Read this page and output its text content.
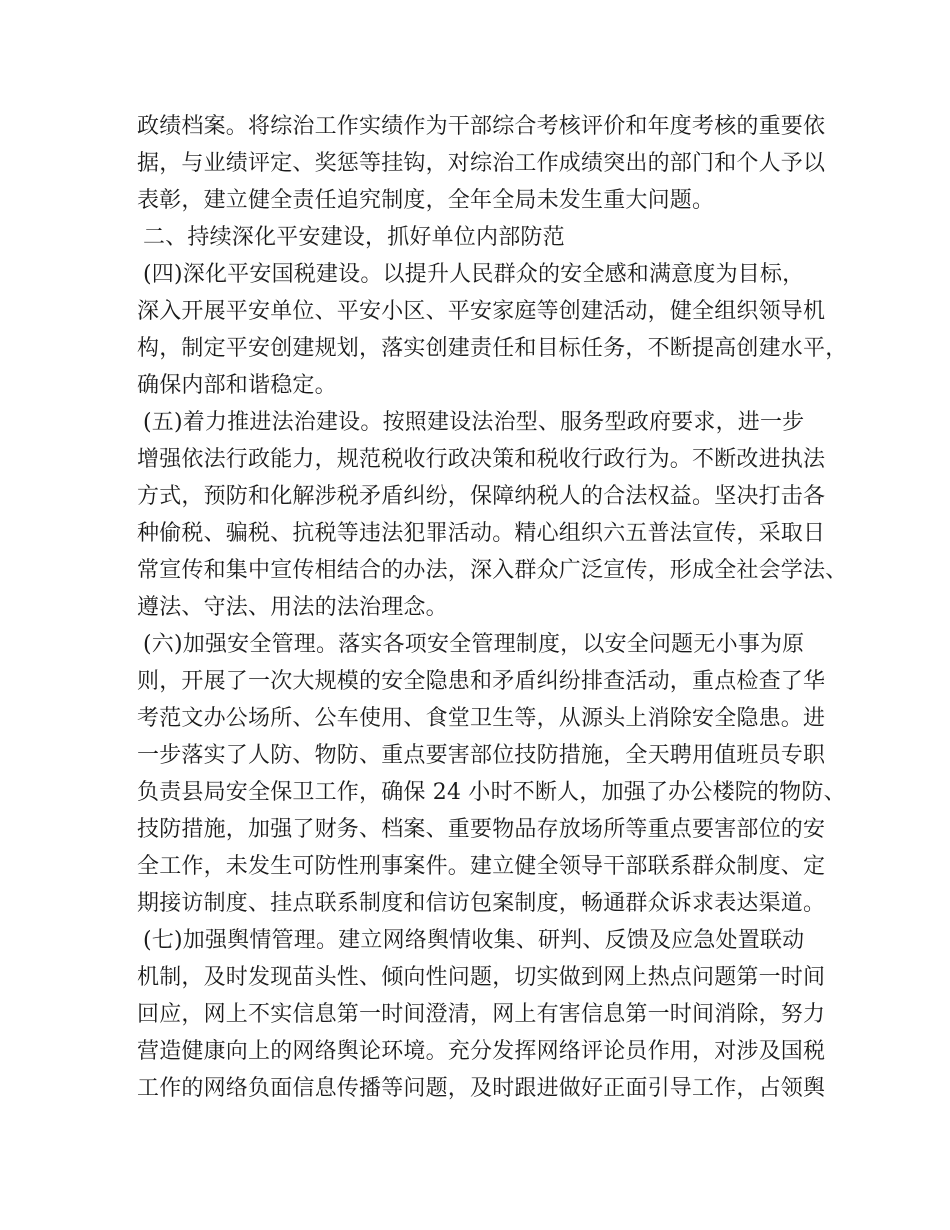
政绩档案。将综治工作实绩作为干部综合考核评价和年度考核的重要依
据，与业绩评定、奖惩等挂钩，对综治工作成绩突出的部门和个人予以
表彰，建立健全责任追究制度，全年全局未发生重大问题。
二、持续深化平安建设，抓好单位内部防范
(四)深化平安国税建设。以提升人民群众的安全感和满意度为目标，
深入开展平安单位、平安小区、平安家庭等创建活动，健全组织领导机
构，制定平安创建规划，落实创建责任和目标任务，不断提高创建水平，
确保内部和谐稳定。
(五)着力推进法治建设。按照建设法治型、服务型政府要求，进一步
增强依法行政能力，规范税收行政决策和税收行政行为。不断改进执法
方式，预防和化解涉税矛盾纠纷，保障纳税人的合法权益。坚决打击各
种偷税、骗税、抗税等违法犯罪活动。精心组织六五普法宣传，采取日
常宣传和集中宣传相结合的办法，深入群众广泛宣传，形成全社会学法、
遵法、守法、用法的法治理念。
(六)加强安全管理。落实各项安全管理制度，以安全问题无小事为原
则，开展了一次大规模的安全隐患和矛盾纠纷排查活动，重点检查了华
考范文办公场所、公车使用、食堂卫生等，从源头上消除安全隐患。进
一步落实了人防、物防、重点要害部位技防措施，全天聘用值班员专职
负责县局安全保卫工作，确保 24 小时不断人，加强了办公楼院的物防、
技防措施，加强了财务、档案、重要物品存放场所等重点要害部位的安
全工作，未发生可防性刑事案件。建立健全领导干部联系群众制度、定
期接访制度、挂点联系制度和信访包案制度，畅通群众诉求表达渠道。
(七)加强舆情管理。建立网络舆情收集、研判、反馈及应急处置联动
机制，及时发现苗头性、倾向性问题，切实做到网上热点问题第一时间
回应，网上不实信息第一时间澄清，网上有害信息第一时间消除，努力
营造健康向上的网络舆论环境。充分发挥网络评论员作用，对涉及国税
工作的网络负面信息传播等问题，及时跟进做好正面引导工作，占领舆
